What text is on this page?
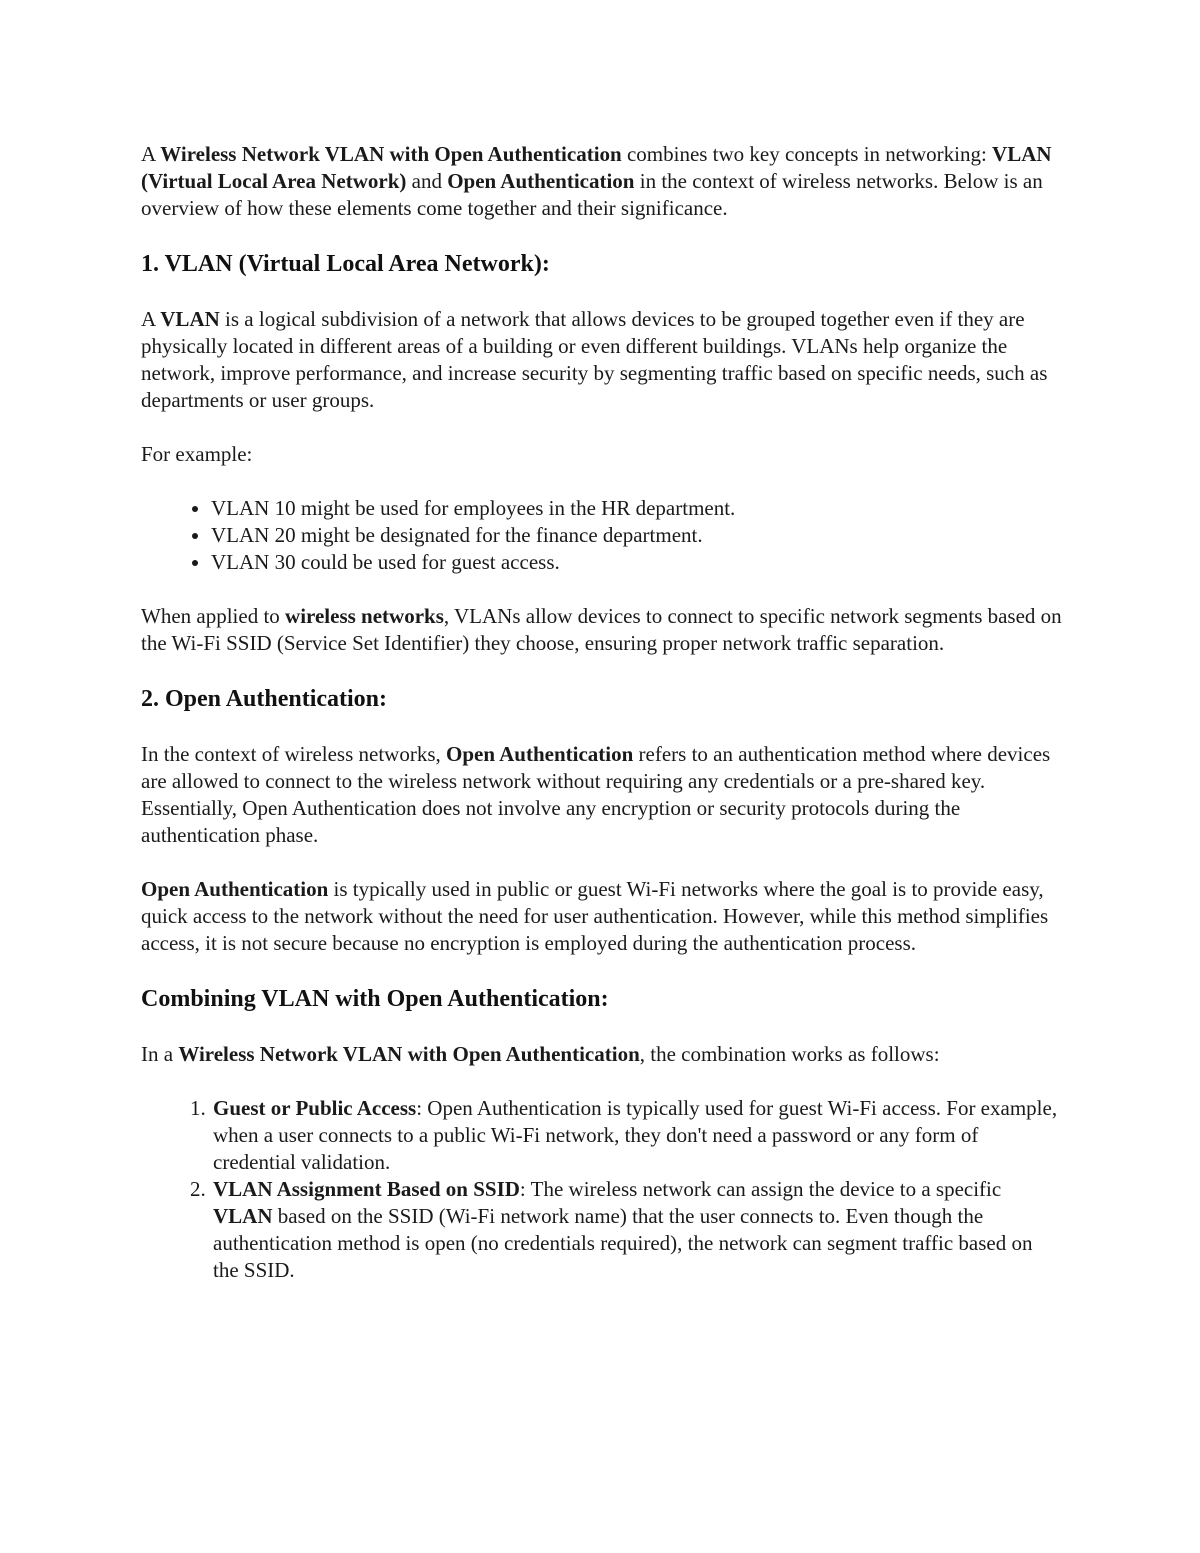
A Wireless Network VLAN with Open Authentication combines two key concepts in networking: VLAN (Virtual Local Area Network) and Open Authentication in the context of wireless networks. Below is an overview of how these elements come together and their significance.

1. VLAN (Virtual Local Area Network):

A VLAN is a logical subdivision of a network that allows devices to be grouped together even if they are physically located in different areas of a building or even different buildings. VLANs help organize the network, improve performance, and increase security by segmenting traffic based on specific needs, such as departments or user groups.

For example:

• VLAN 10 might be used for employees in the HR department.
• VLAN 20 might be designated for the finance department.
• VLAN 30 could be used for guest access.

When applied to wireless networks, VLANs allow devices to connect to specific network segments based on the Wi-Fi SSID (Service Set Identifier) they choose, ensuring proper network traffic separation.

2. Open Authentication:

In the context of wireless networks, Open Authentication refers to an authentication method where devices are allowed to connect to the wireless network without requiring any credentials or a pre-shared key. Essentially, Open Authentication does not involve any encryption or security protocols during the authentication phase.

Open Authentication is typically used in public or guest Wi-Fi networks where the goal is to provide easy, quick access to the network without the need for user authentication. However, while this method simplifies access, it is not secure because no encryption is employed during the authentication process.

Combining VLAN with Open Authentication:

In a Wireless Network VLAN with Open Authentication, the combination works as follows:

1. Guest or Public Access: Open Authentication is typically used for guest Wi-Fi access. For example, when a user connects to a public Wi-Fi network, they don't need a password or any form of credential validation.
2. VLAN Assignment Based on SSID: The wireless network can assign the device to a specific VLAN based on the SSID (Wi-Fi network name) that the user connects to. Even though the authentication method is open (no credentials required), the network can segment traffic based on the SSID.
